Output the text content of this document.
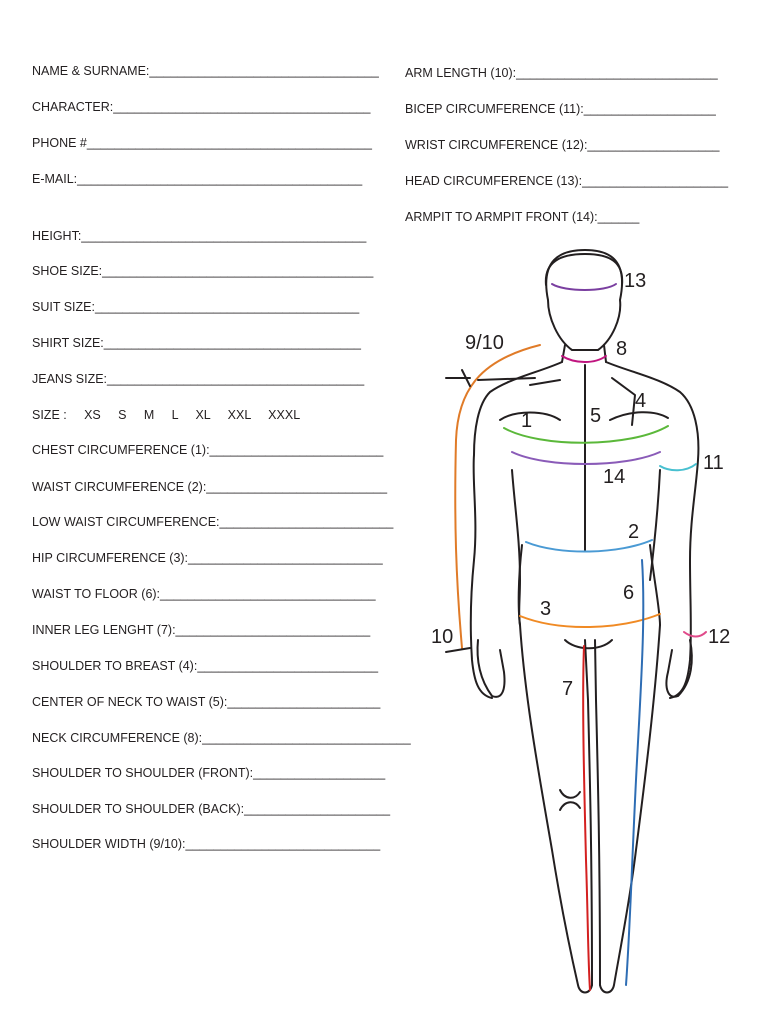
NAME & SURNAME:_________________________________
CHARACTER:_____________________________________
PHONE #_________________________________________
E-MAIL:_________________________________________
HEIGHT:_________________________________________
SHOE SIZE:_______________________________________
SUIT SIZE:______________________________________
SHIRT SIZE:_____________________________________
JEANS SIZE:_____________________________________
SIZE :     XS     S     M     L     XL     XXL     XXXL
CHEST CIRCUMFERENCE (1):_________________________
WAIST CIRCUMFERENCE (2):__________________________
LOW WAIST CIRCUMFERENCE:_________________________
HIP CIRCUMFERENCE (3):____________________________
WAIST TO FLOOR (6):_______________________________
INNER LEG LENGHT (7):____________________________
SHOULDER TO BREAST (4):__________________________
CENTER OF NECK TO WAIST (5):______________________
NECK CIRCUMFERENCE (8):______________________________
SHOULDER TO SHOULDER (FRONT):___________________
SHOULDER TO SHOULDER (BACK):_____________________
SHOULDER WIDTH (9/10):____________________________
ARM LENGTH (10):_____________________________
BICEP CIRCUMFERENCE (11):___________________
WRIST CIRCUMFERENCE (12):___________________
HEAD CIRCUMFERENCE (13):_____________________
ARMPIT TO ARMPIT FRONT (14):______
13
9/10	8
4
5
1
11
14
2
6
3
10	12
7
